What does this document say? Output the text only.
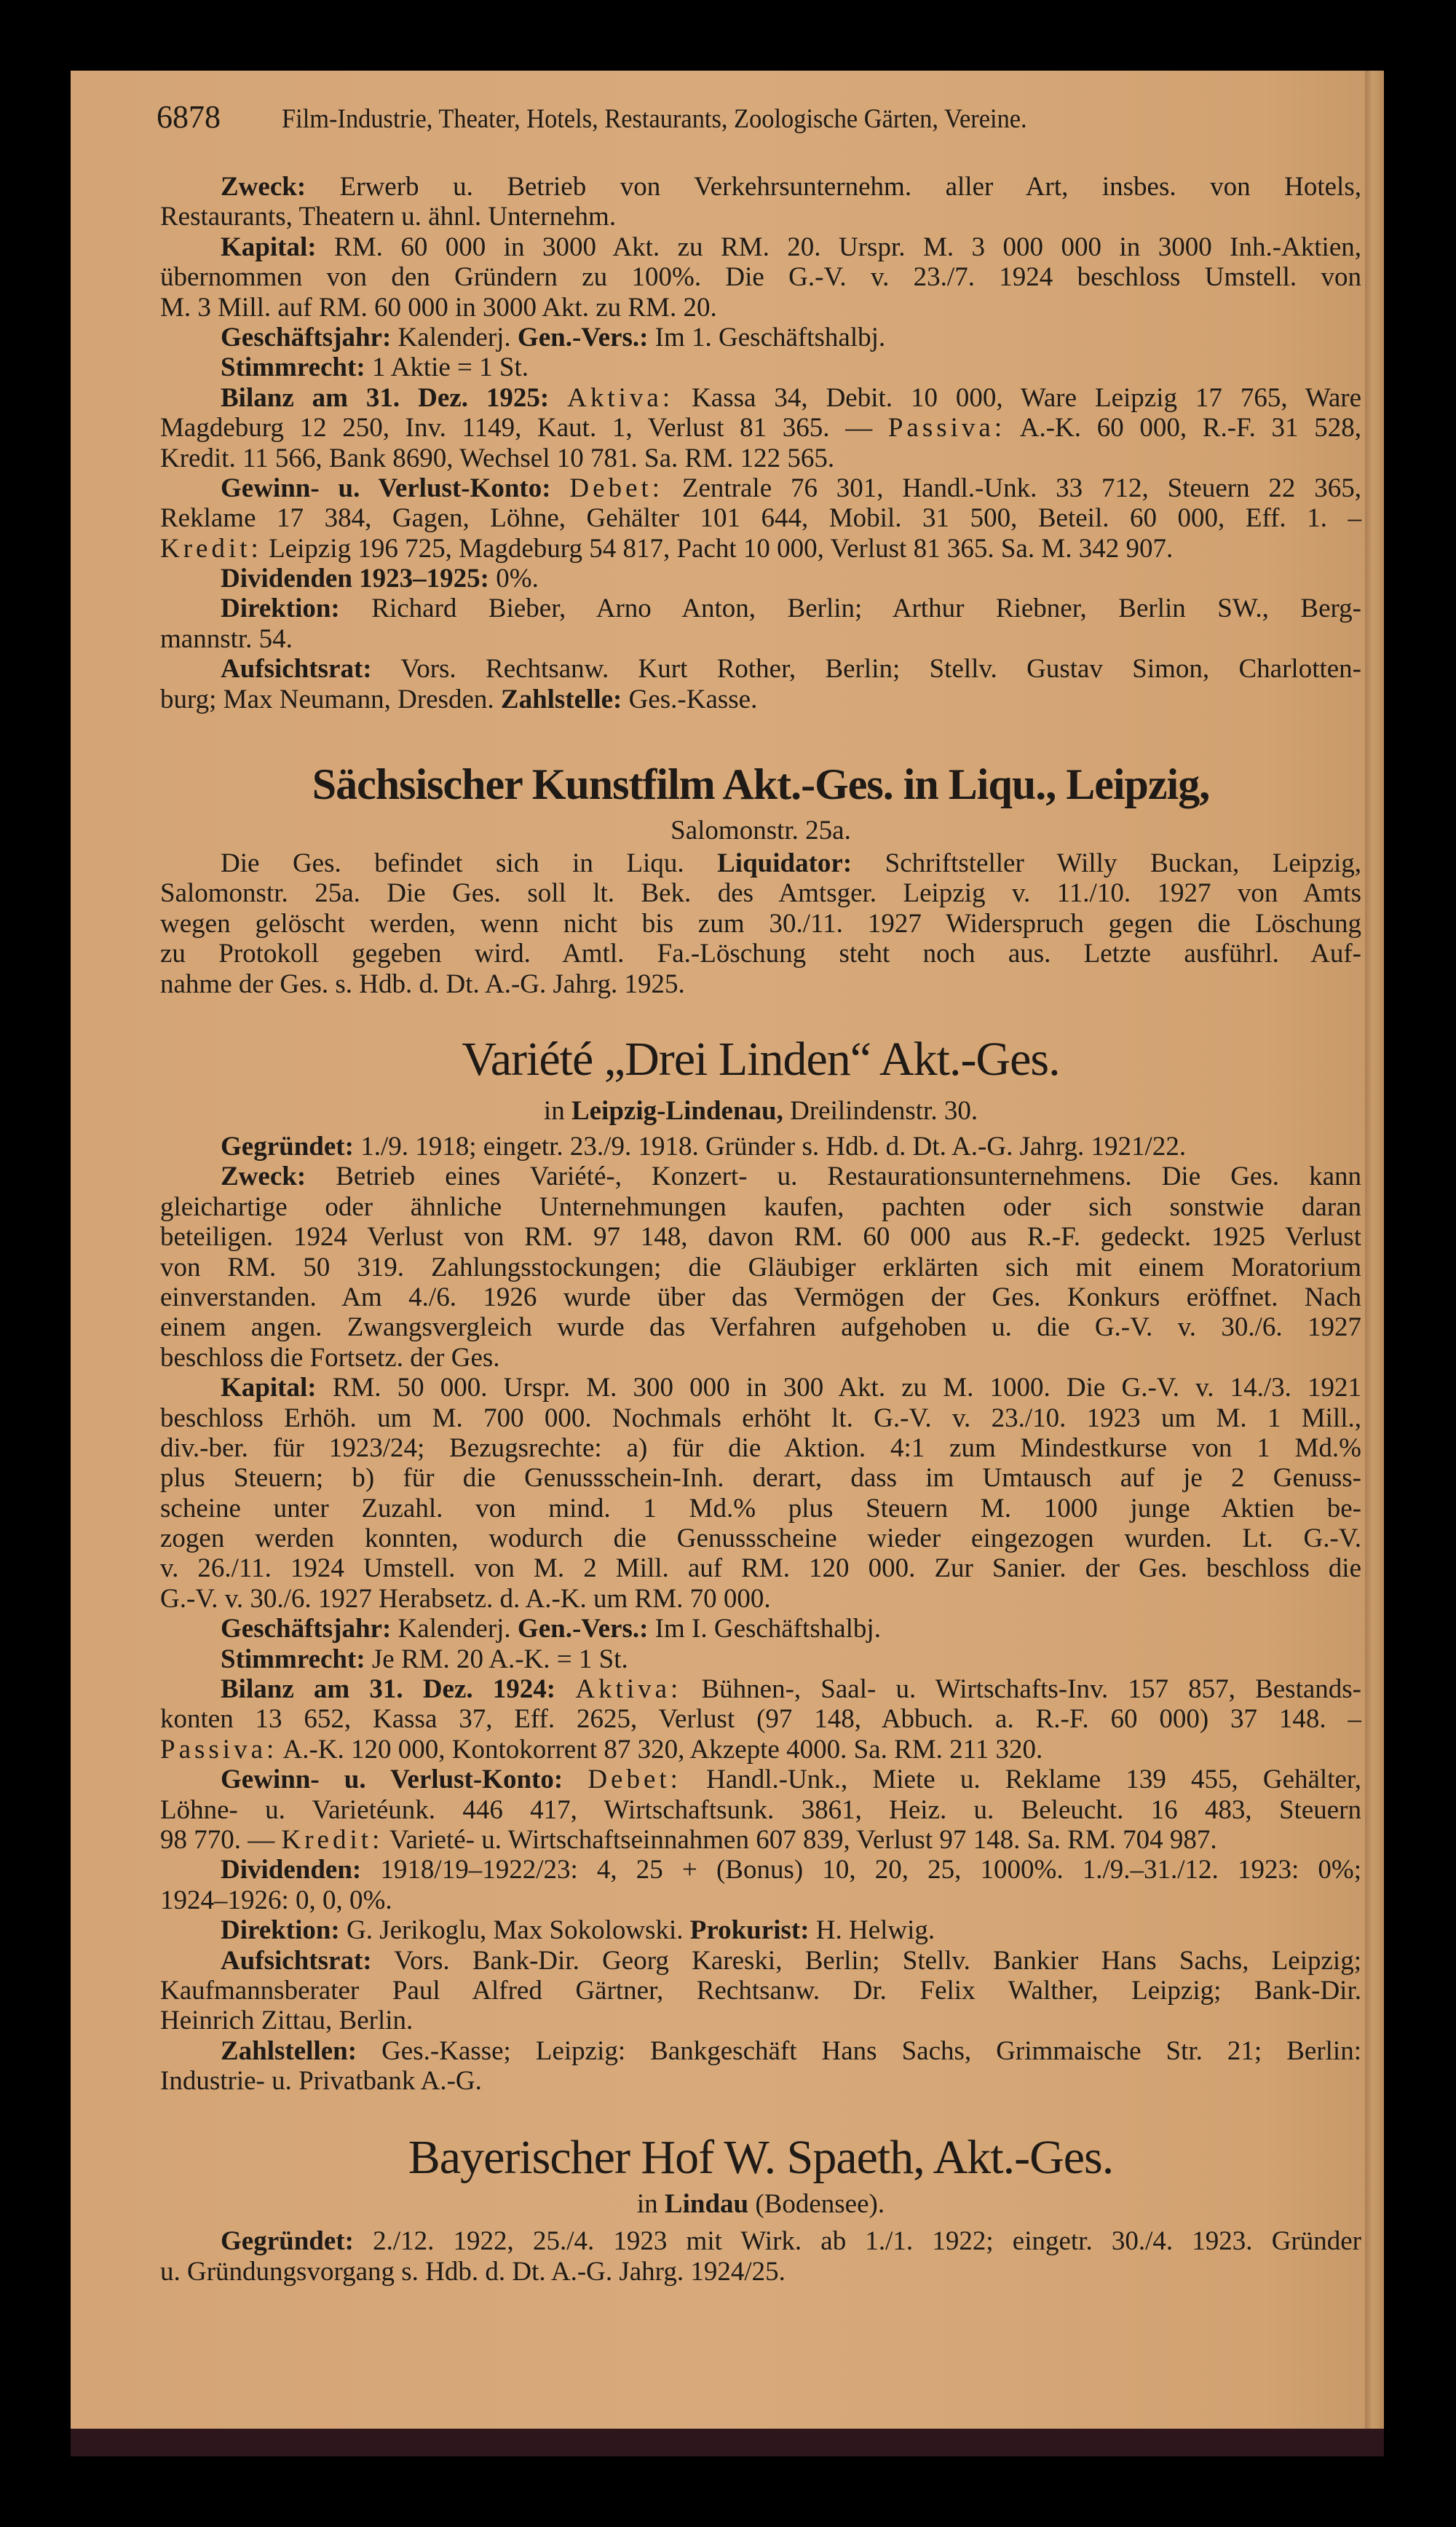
6878 Film-Industrie, Theater, Hotels, Restaurants, Zoologische Gärten, Vereine.
Zweck: Erwerb u. Betrieb von Verkehrsunternehm. aller Art, insbes. von Hotels,
Restaurants, Theatern u. ähnl. Unternehm.
Kapital: RM. 60 000 in 3000 Akt. zu RM. 20. Urspr. M. 3 000 000 in 3000 Inh.-Aktien,
übernommen von den Gründern zu 100%. Die G.-V. v. 23./7. 1924 beschloss Umstell. von
M. 3 Mill. auf RM. 60 000 in 3000 Akt. zu RM. 20.
Geschäftsjahr: Kalenderj. Gen.-Vers.: Im 1. Geschäftshalbj.
Stimmrecht: 1 Aktie = 1 St.
Bilanz am 31. Dez. 1925: Aktiva: Kassa 34, Debit. 10 000, Ware Leipzig 17 765, Ware
Magdeburg 12 250, Inv. 1149, Kaut. 1, Verlust 81 365. — Passiva: A.-K. 60 000, R.-F. 31 528,
Kredit. 11 566, Bank 8690, Wechsel 10 781. Sa. RM. 122 565.
Gewinn- u. Verlust-Konto: Debet: Zentrale 76 301, Handl.-Unk. 33 712, Steuern 22 365,
Reklame 17 384, Gagen, Löhne, Gehälter 101 644, Mobil. 31 500, Beteil. 60 000, Eff. 1. –
Kredit: Leipzig 196 725, Magdeburg 54 817, Pacht 10 000, Verlust 81 365. Sa. M. 342 907.
Dividenden 1923–1925: 0%.
Direktion: Richard Bieber, Arno Anton, Berlin; Arthur Riebner, Berlin SW., Berg-
mannstr. 54.
Aufsichtsrat: Vors. Rechtsanw. Kurt Rother, Berlin; Stellv. Gustav Simon, Charlotten-
burg; Max Neumann, Dresden. Zahlstelle: Ges.-Kasse.
Sächsischer Kunstfilm Akt.-Ges. in Liqu., Leipzig,
Salomonstr. 25a.
Die Ges. befindet sich in Liqu. Liquidator: Schriftsteller Willy Buckan, Leipzig,
Salomonstr. 25a. Die Ges. soll lt. Bek. des Amtsger. Leipzig v. 11./10. 1927 von Amts
wegen gelöscht werden, wenn nicht bis zum 30./11. 1927 Widerspruch gegen die Löschung
zu Protokoll gegeben wird. Amtl. Fa.-Löschung steht noch aus. Letzte ausführl. Auf-
nahme der Ges. s. Hdb. d. Dt. A.-G. Jahrg. 1925.
Variété „Drei Linden“ Akt.-Ges.
in Leipzig-Lindenau, Dreilindenstr. 30.
Gegründet: 1./9. 1918; eingetr. 23./9. 1918. Gründer s. Hdb. d. Dt. A.-G. Jahrg. 1921/22.
Zweck: Betrieb eines Variété-, Konzert- u. Restaurationsunternehmens. Die Ges. kann
gleichartige oder ähnliche Unternehmungen kaufen, pachten oder sich sonstwie daran
beteiligen. 1924 Verlust von RM. 97 148, davon RM. 60 000 aus R.-F. gedeckt. 1925 Verlust
von RM. 50 319. Zahlungsstockungen; die Gläubiger erklärten sich mit einem Moratorium
einverstanden. Am 4./6. 1926 wurde über das Vermögen der Ges. Konkurs eröffnet. Nach
einem angen. Zwangsvergleich wurde das Verfahren aufgehoben u. die G.-V. v. 30./6. 1927
beschloss die Fortsetz. der Ges.
Kapital: RM. 50 000. Urspr. M. 300 000 in 300 Akt. zu M. 1000. Die G.-V. v. 14./3. 1921
beschloss Erhöh. um M. 700 000. Nochmals erhöht lt. G.-V. v. 23./10. 1923 um M. 1 Mill.,
div.-ber. für 1923/24; Bezugsrechte: a) für die Aktion. 4:1 zum Mindestkurse von 1 Md.%
plus Steuern; b) für die Genussschein-Inh. derart, dass im Umtausch auf je 2 Genuss-
scheine unter Zuzahl. von mind. 1 Md.% plus Steuern M. 1000 junge Aktien be-
zogen werden konnten, wodurch die Genussscheine wieder eingezogen wurden. Lt. G.-V.
v. 26./11. 1924 Umstell. von M. 2 Mill. auf RM. 120 000. Zur Sanier. der Ges. beschloss die
G.-V. v. 30./6. 1927 Herabsetz. d. A.-K. um RM. 70 000.
Geschäftsjahr: Kalenderj. Gen.-Vers.: Im I. Geschäftshalbj.
Stimmrecht: Je RM. 20 A.-K. = 1 St.
Bilanz am 31. Dez. 1924: Aktiva: Bühnen-, Saal- u. Wirtschafts-Inv. 157 857, Bestands-
konten 13 652, Kassa 37, Eff. 2625, Verlust (97 148, Abbuch. a. R.-F. 60 000) 37 148. –
Passiva: A.-K. 120 000, Kontokorrent 87 320, Akzepte 4000. Sa. RM. 211 320.
Gewinn- u. Verlust-Konto: Debet: Handl.-Unk., Miete u. Reklame 139 455, Gehälter,
Löhne- u. Varietéunk. 446 417, Wirtschaftsunk. 3861, Heiz. u. Beleucht. 16 483, Steuern
98 770. — Kredit: Varieté- u. Wirtschaftseinnahmen 607 839, Verlust 97 148. Sa. RM. 704 987.
Dividenden: 1918/19–1922/23: 4, 25 + (Bonus) 10, 20, 25, 1000%. 1./9.–31./12. 1923: 0%;
1924–1926: 0, 0, 0%.
Direktion: G. Jerikoglu, Max Sokolowski. Prokurist: H. Helwig.
Aufsichtsrat: Vors. Bank-Dir. Georg Kareski, Berlin; Stellv. Bankier Hans Sachs, Leipzig;
Kaufmannsberater Paul Alfred Gärtner, Rechtsanw. Dr. Felix Walther, Leipzig; Bank-Dir.
Heinrich Zittau, Berlin.
Zahlstellen: Ges.-Kasse; Leipzig: Bankgeschäft Hans Sachs, Grimmaische Str. 21; Berlin:
Industrie- u. Privatbank A.-G.
Bayerischer Hof W. Spaeth, Akt.-Ges.
in Lindau (Bodensee).
Gegründet: 2./12. 1922, 25./4. 1923 mit Wirk. ab 1./1. 1922; eingetr. 30./4. 1923. Gründer
u. Gründungsvorgang s. Hdb. d. Dt. A.-G. Jahrg. 1924/25.
